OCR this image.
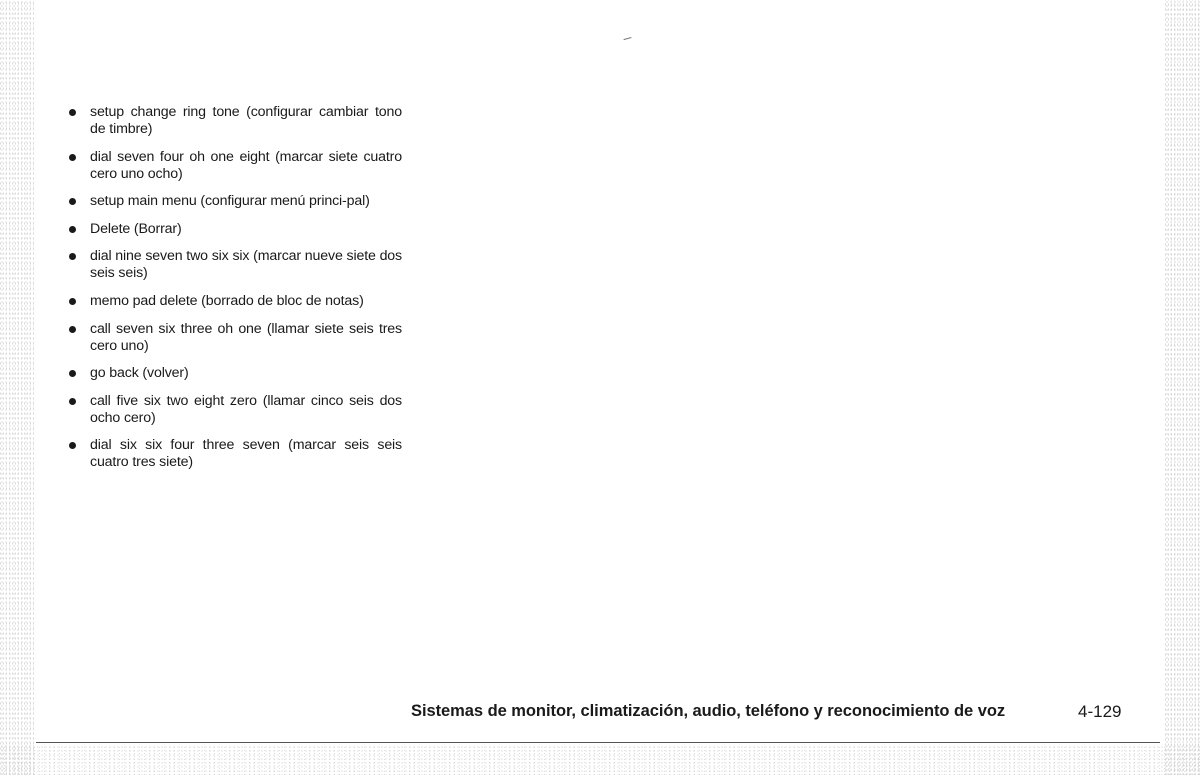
setup change ring tone (configurar cambiar tono de timbre)
dial seven four oh one eight (marcar siete cuatro cero uno ocho)
setup main menu (configurar menú princi-pal)
Delete (Borrar)
dial nine seven two six six (marcar nueve siete dos seis seis)
memo pad delete (borrado de bloc de notas)
call seven six three oh one (llamar siete seis tres cero uno)
go back (volver)
call five six two eight zero (llamar cinco seis dos ocho cero)
dial six six four three seven (marcar seis seis cuatro tres siete)
Sistemas de monitor, climatización, audio, teléfono y reconocimiento de voz	4-129
